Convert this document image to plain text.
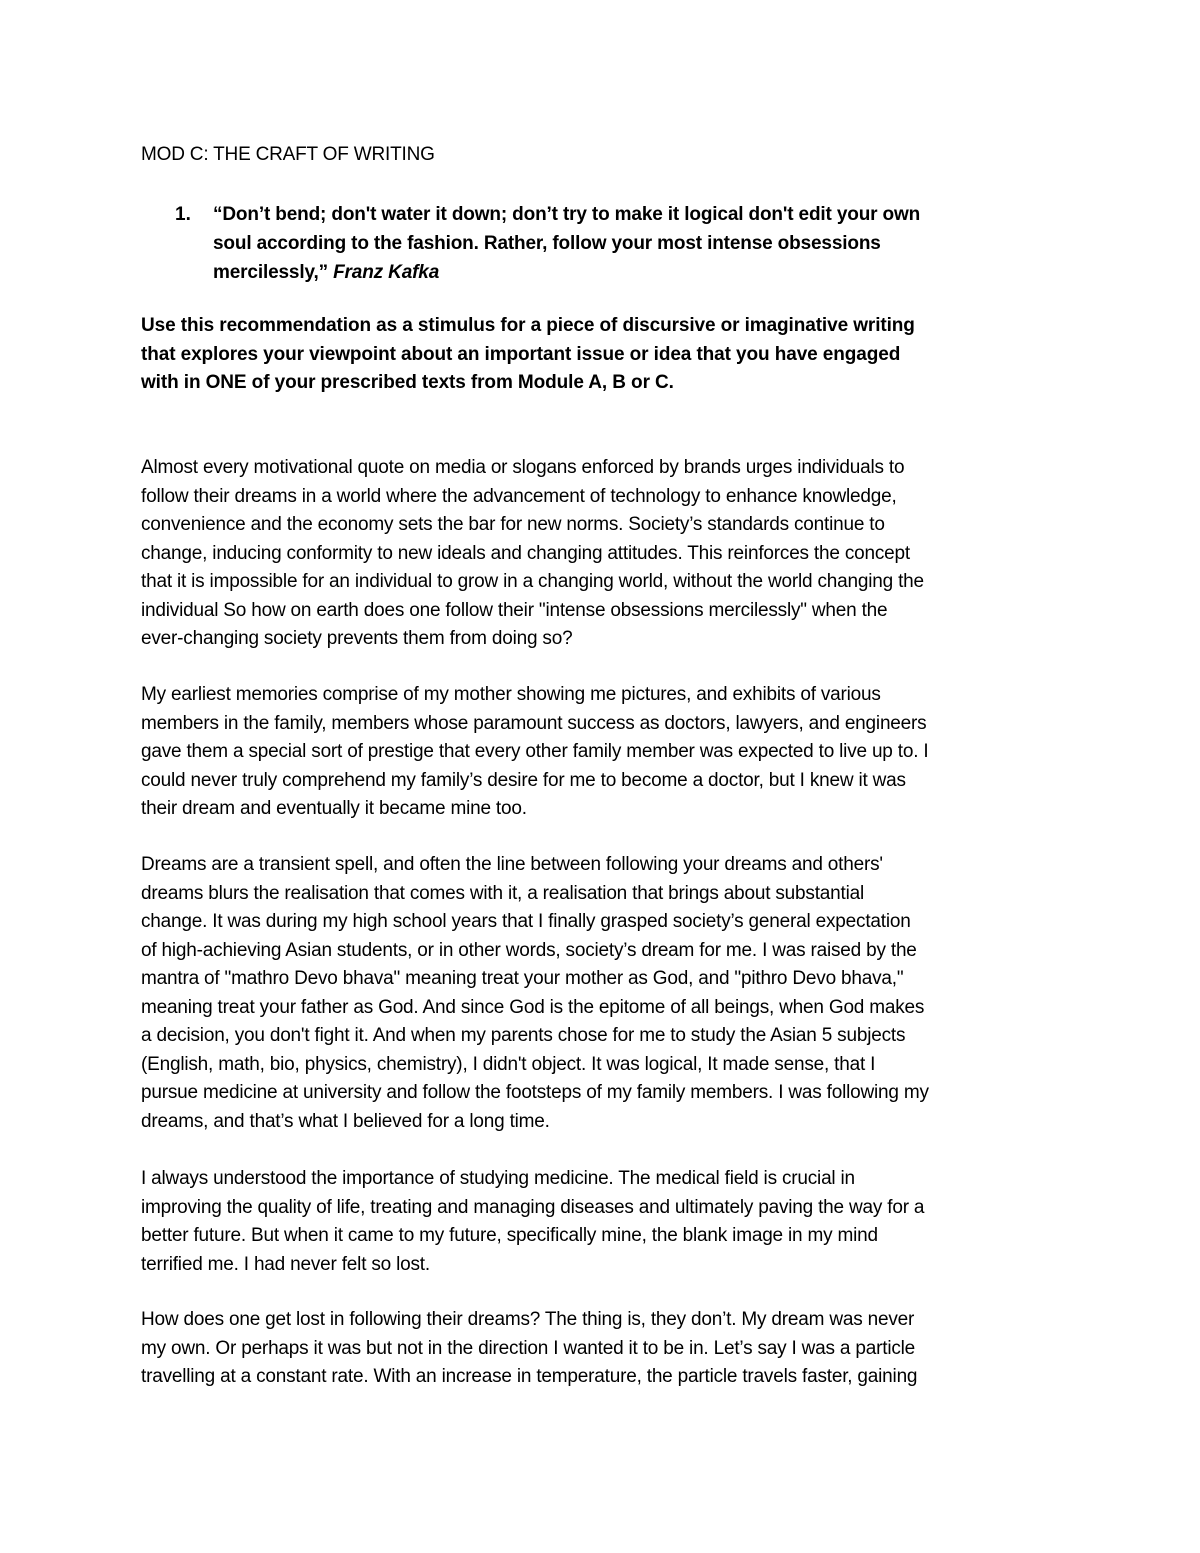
MOD C: THE CRAFT OF WRITING
1. “Don’t bend; don't water it down; don’t try to make it logical don't edit your own
soul according to the fashion. Rather, follow your most intense obsessions
mercilessly,” Franz Kafka
Use this recommendation as a stimulus for a piece of discursive or imaginative writing
that explores your viewpoint about an important issue or idea that you have engaged
with in ONE of your prescribed texts from Module A, B or C.
Almost every motivational quote on media or slogans enforced by brands urges individuals to
follow their dreams in a world where the advancement of technology to enhance knowledge,
convenience and the economy sets the bar for new norms. Society’s standards continue to
change, inducing conformity to new ideals and changing attitudes. This reinforces the concept
that it is impossible for an individual to grow in a changing world, without the world changing the
individual So how on earth does one follow their "intense obsessions mercilessly" when the
ever-changing society prevents them from doing so?
My earliest memories comprise of my mother showing me pictures, and exhibits of various
members in the family, members whose paramount success as doctors, lawyers, and engineers
gave them a special sort of prestige that every other family member was expected to live up to. I
could never truly comprehend my family’s desire for me to become a doctor, but I knew it was
their dream and eventually it became mine too.
Dreams are a transient spell, and often the line between following your dreams and others'
dreams blurs the realisation that comes with it, a realisation that brings about substantial
change. It was during my high school years that I finally grasped society’s general expectation
of high-achieving Asian students, or in other words, society’s dream for me. I was raised by the
mantra of "mathro Devo bhava" meaning treat your mother as God, and "pithro Devo bhava,"
meaning treat your father as God. And since God is the epitome of all beings, when God makes
a decision, you don't fight it. And when my parents chose for me to study the Asian 5 subjects
(English, math, bio, physics, chemistry), I didn't object. It was logical, It made sense, that I
pursue medicine at university and follow the footsteps of my family members. I was following my
dreams, and that’s what I believed for a long time.
I always understood the importance of studying medicine. The medical field is crucial in
improving the quality of life, treating and managing diseases and ultimately paving the way for a
better future. But when it came to my future, specifically mine, the blank image in my mind
terrified me. I had never felt so lost.
How does one get lost in following their dreams? The thing is, they don’t. My dream was never
my own. Or perhaps it was but not in the direction I wanted it to be in. Let’s say I was a particle
travelling at a constant rate. With an increase in temperature, the particle travels faster, gaining
